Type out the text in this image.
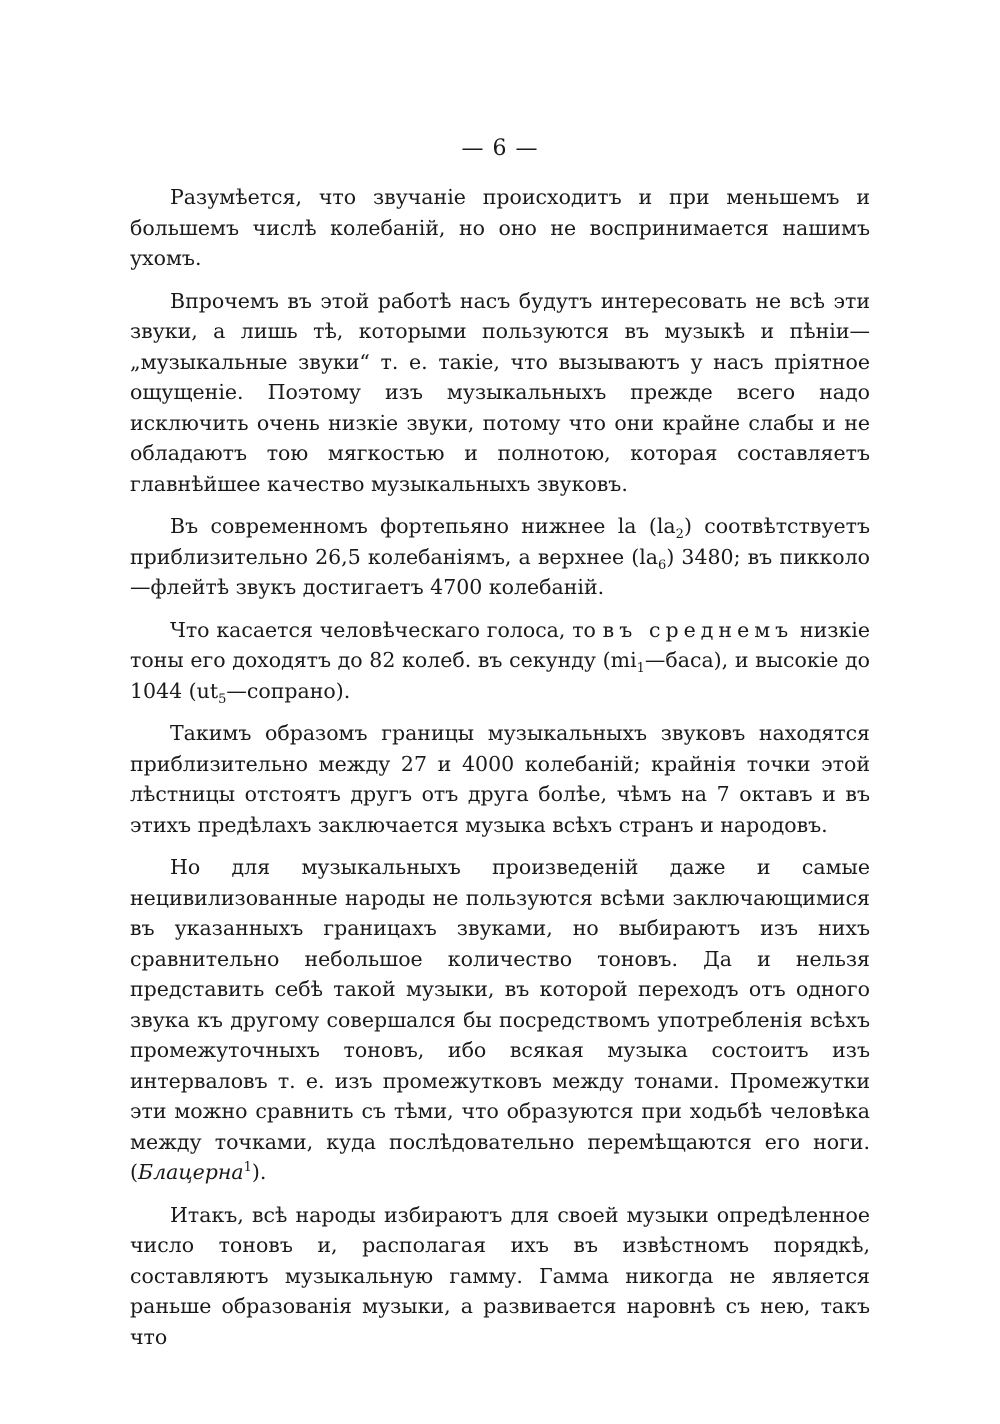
— 6 —

Разумѣется, что звучаніе происходитъ и при меньшемъ и большемъ числѣ колебаній, но оно не воспринимается нашимъ ухомъ.

Впрочемъ въ этой работѣ насъ будутъ интересовать не всѣ эти звуки, а лишь тѣ, которыми пользуются въ музыкѣ и пѣніи—„музыкальные звуки“ т. е. такіе, что вызываютъ у насъ пріятное ощущеніе. Поэтому изъ музыкальныхъ прежде всего надо исключить очень низкіе звуки, потому что они крайне слабы и не обладаютъ тою мягкостью и полнотою, которая составляетъ главнѣйшее качество музыкальныхъ звуковъ.

Въ современномъ фортепьяно нижнее la $(la_2)$ соотвѣтствуетъ приблизительно 26,5 колебаніямъ, а верхнее $(la_6)$ 3480; въ пикколо—флейтѣ звукъ достигаетъ 4700 колебаній.

Что касается человѣческаго голоса, то въ среднемъ низкіе тоны его доходятъ до 82 колеб. въ секунду $(mi_1—баса)$, и высокіе до 1044 $(ut_5—сопрано)$.

Такимъ образомъ границы музыкальныхъ звуковъ находятся приблизительно между 27 и 4000 колебаній; крайнія точки этой лѣстницы отстоятъ другъ отъ друга болѣе, чѣмъ на 7 октавъ и въ этихъ предѣлахъ заключается музыка всѣхъ странъ и народовъ.

Но для музыкальныхъ произведеній даже и самые нецивилизованные народы не пользуются всѣми заключающимися въ указанныхъ границахъ звуками, но выбираютъ изъ нихъ сравнительно небольшое количество тоновъ. Да и нельзя представить себѣ такой музыки, въ которой переходъ отъ одного звука къ другому совершался бы посредствомъ употребленія всѣхъ промежуточныхъ тоновъ, ибо всякая музыка состоитъ изъ интерваловъ т. е. изъ промежутковъ между тонами. Промежутки эти можно сравнить съ тѣми, что образуются при ходьбѣ человѣка между точками, куда послѣдовательно перемѣщаются его ноги. (Блацерна$^1$).

Итакъ, всѣ народы избираютъ для своей музыки опредѣленное число тоновъ и, располагая ихъ въ извѣстномъ порядкѣ, составляютъ музыкальную гамму. Гамма никогда не является раньше образованія музыки, а развивается наровнѣ съ нею, такъ что
